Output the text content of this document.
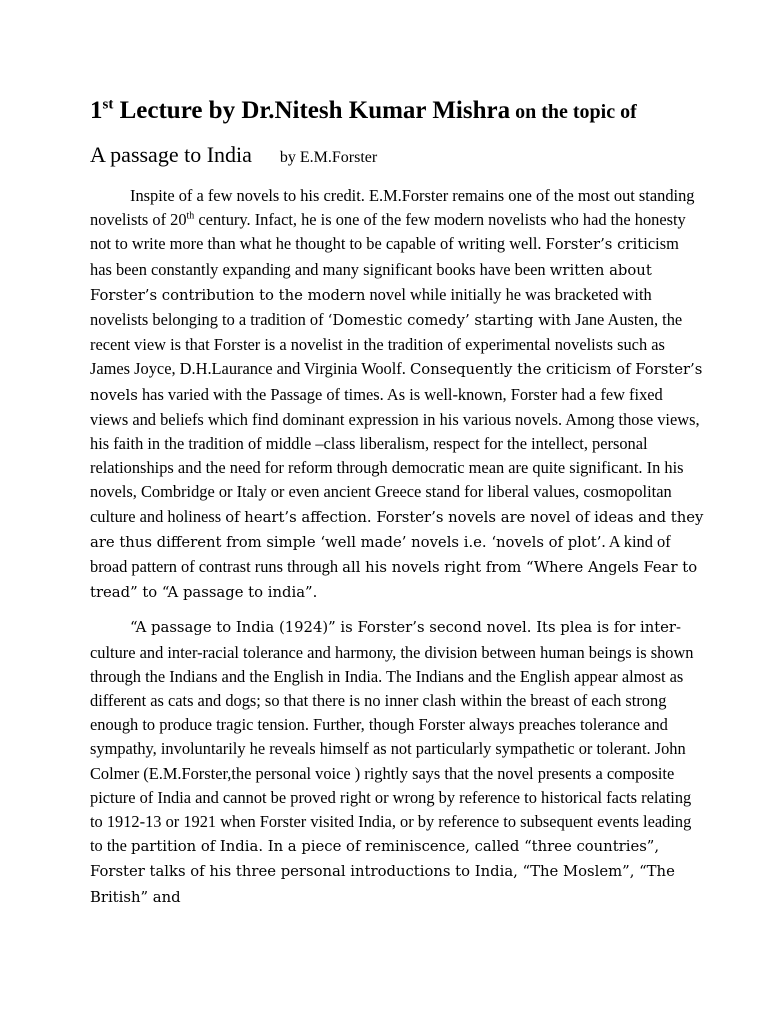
1st Lecture by Dr.Nitesh Kumar Mishra on the topic of
A passage to India by E.M.Forster

Inspite of a few novels to his credit. E.M.Forster remains one of the most out standing novelists of 20th century. Infact, he is one of the few modern novelists who had the honesty not to write more than what he thought to be capable of writing well. Forster’s criticism has been constantly expanding and many significant books have been written about Forster’s contribution to the modern novel while initially he was bracketed with novelists belonging to a tradition of ‘Domestic comedy’ starting with Jane Austen, the recent view is that Forster is a novelist in the tradition of experimental novelists such as James Joyce, D.H.Laurance and Virginia Woolf. Consequently the criticism of Forster’s novels has varied with the Passage of times. As is well-known, Forster had a few fixed views and beliefs which find dominant expression in his various novels. Among those views, his faith in the tradition of middle –class liberalism, respect for the intellect, personal relationships and the need for reform through democratic mean are quite significant. In his novels, Combridge or Italy or even ancient Greece stand for liberal values, cosmopolitan culture and holiness of heart’s affection. Forster’s novels are novel of ideas and they are thus different from simple ‘well made’ novels i.e. ‘novels of plot’. A kind of broad pattern of contrast runs through all his novels right from “Where Angels Fear to tread” to “A passage to india”.

“A passage to India (1924)” is Forster’s second novel. Its plea is for inter-culture and inter-racial tolerance and harmony, the division between human beings is shown through the Indians and the English in India. The Indians and the English appear almost as different as cats and dogs; so that there is no inner clash within the breast of each strong enough to produce tragic tension. Further, though Forster always preaches tolerance and sympathy, involuntarily he reveals himself as not particularly sympathetic or tolerant. John Colmer (E.M.Forster,the personal voice ) rightly says that the novel presents a composite picture of India and cannot be proved right or wrong by reference to historical facts relating to 1912-13 or 1921 when Forster visited India, or by reference to subsequent events leading to the partition of India. In a piece of reminiscence, called “three countries”, Forster talks of his three personal introductions to India, “The Moslem”, “The British” and
